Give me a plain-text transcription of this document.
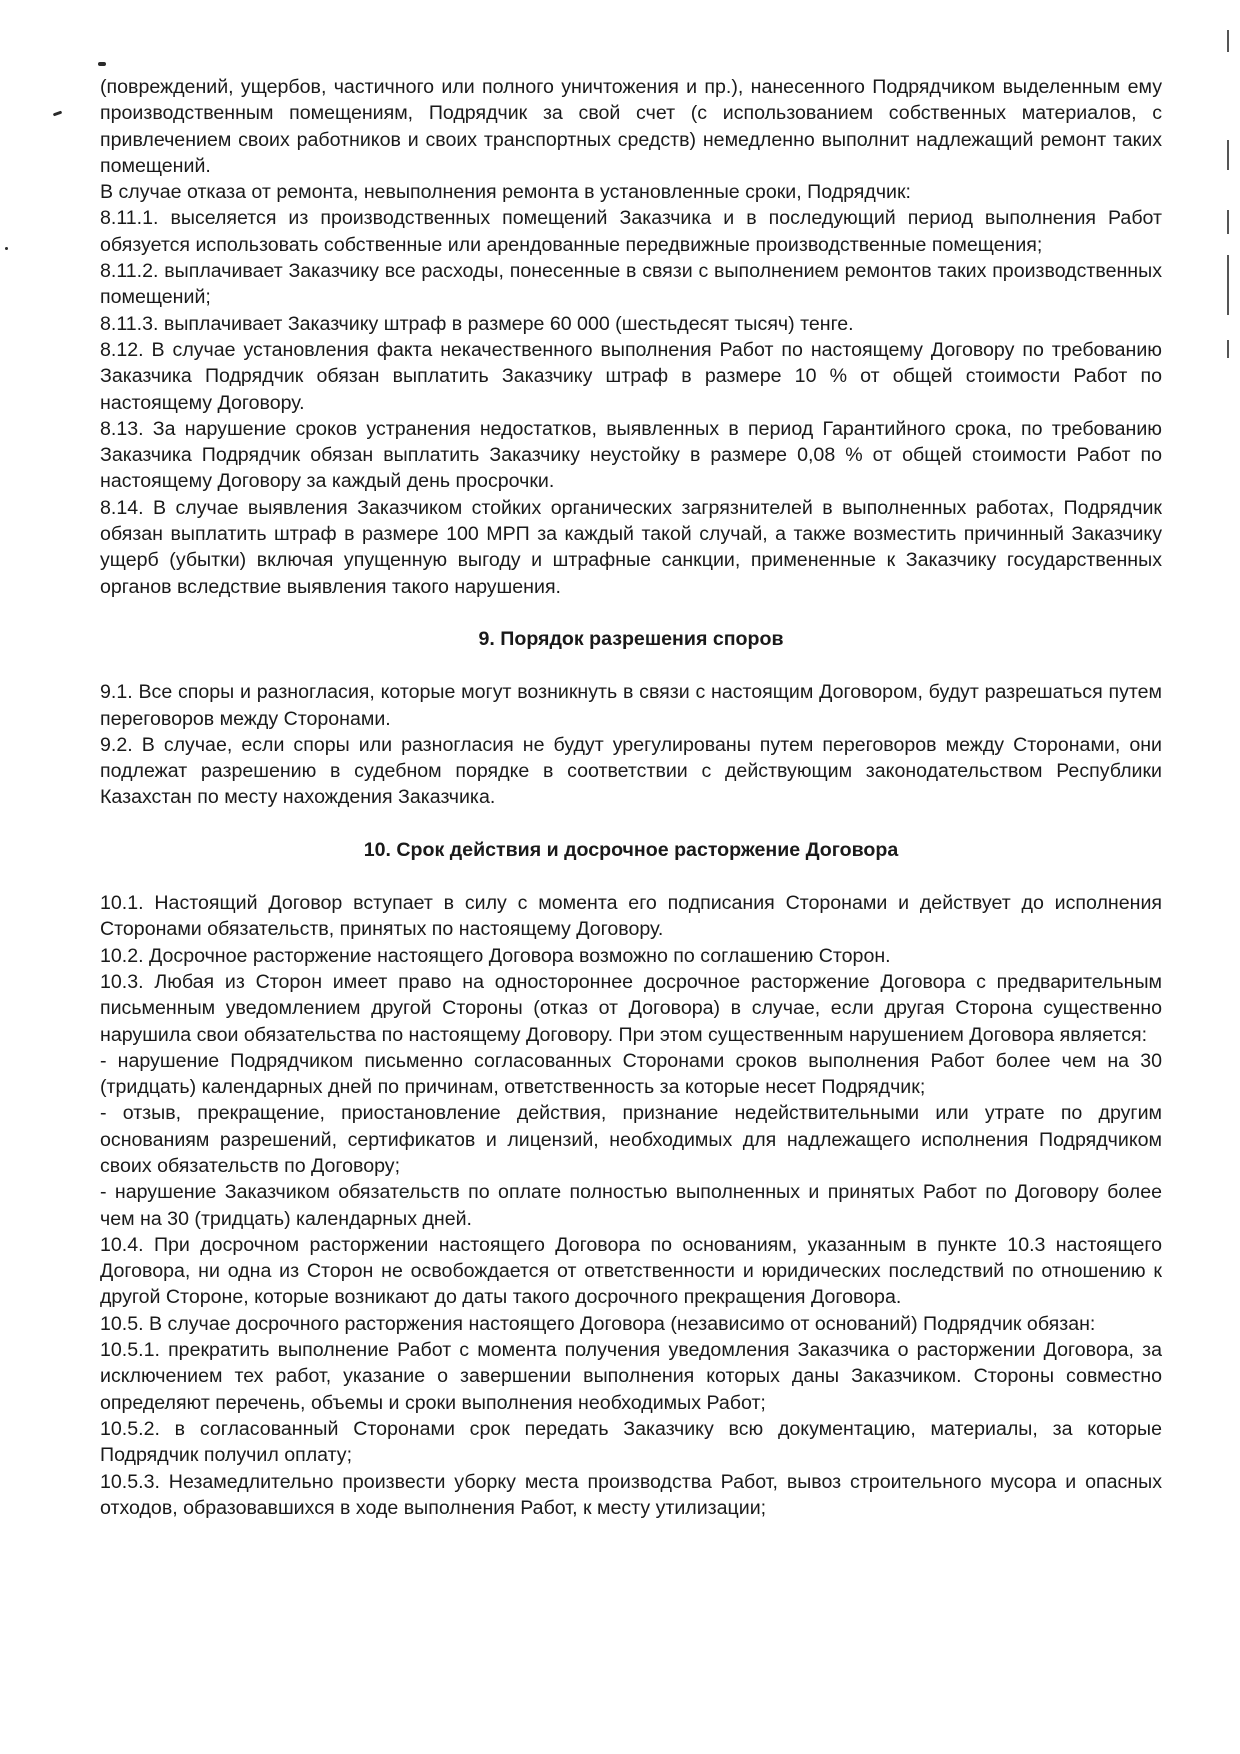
(повреждений, ущербов, частичного или полного уничтожения и пр.), нанесенного Подрядчиком выделенным ему производственным помещениям, Подрядчик за свой счет (с использованием собственных материалов, с привлечением своих работников и своих транспортных средств) немедленно выполнит надлежащий ремонт таких помещений.

В случае отказа от ремонта, невыполнения ремонта в установленные сроки, Подрядчик:

8.11.1. выселяется из производственных помещений Заказчика и в последующий период выполнения Работ обязуется использовать собственные или арендованные передвижные производственные помещения;

8.11.2. выплачивает Заказчику все расходы, понесенные в связи с выполнением ремонтов таких производственных помещений;

8.11.3. выплачивает Заказчику штраф в размере 60 000 (шестьдесят тысяч) тенге.

8.12. В случае установления факта некачественного выполнения Работ по настоящему Договору по требованию Заказчика Подрядчик обязан выплатить Заказчику штраф в размере 10 % от общей стоимости Работ по настоящему Договору.

8.13. За нарушение сроков устранения недостатков, выявленных в период Гарантийного срока, по требованию Заказчика Подрядчик обязан выплатить Заказчику неустойку в размере 0,08 % от общей стоимости Работ по настоящему Договору за каждый день просрочки.

8.14. В случае выявления Заказчиком стойких органических загрязнителей в выполненных работах, Подрядчик обязан выплатить штраф в размере 100 МРП за каждый такой случай, а также возместить причинный Заказчику ущерб (убытки) включая упущенную выгоду и штрафные санкции, примененные к Заказчику государственных органов вследствие выявления такого нарушения.

9. Порядок разрешения споров

9.1. Все споры и разногласия, которые могут возникнуть в связи с настоящим Договором, будут разрешаться путем переговоров между Сторонами.

9.2. В случае, если споры или разногласия не будут урегулированы путем переговоров между Сторонами, они подлежат разрешению в судебном порядке в соответствии с действующим законодательством Республики Казахстан по месту нахождения Заказчика.

10. Срок действия и досрочное расторжение Договора

10.1. Настоящий Договор вступает в силу с момента его подписания Сторонами и действует до исполнения Сторонами обязательств, принятых по настоящему Договору.

10.2. Досрочное расторжение настоящего Договора возможно по соглашению Сторон.

10.3. Любая из Сторон имеет право на одностороннее досрочное расторжение Договора с предварительным письменным уведомлением другой Стороны (отказ от Договора) в случае, если другая Сторона существенно нарушила свои обязательства по настоящему Договору. При этом существенным нарушением Договора является:

- нарушение Подрядчиком письменно согласованных Сторонами сроков выполнения Работ более чем на 30 (тридцать) календарных дней по причинам, ответственность за которые несет Подрядчик;

- отзыв, прекращение, приостановление действия, признание недействительными или утрате по другим основаниям разрешений, сертификатов и лицензий, необходимых для надлежащего исполнения Подрядчиком своих обязательств по Договору;

- нарушение Заказчиком обязательств по оплате полностью выполненных и принятых Работ по Договору более чем на 30 (тридцать) календарных дней.

10.4. При досрочном расторжении настоящего Договора по основаниям, указанным в пункте 10.3 настоящего Договора, ни одна из Сторон не освобождается от ответственности и юридических последствий по отношению к другой Стороне, которые возникают до даты такого досрочного прекращения Договора.

10.5. В случае досрочного расторжения настоящего Договора (независимо от оснований) Подрядчик обязан:

10.5.1. прекратить выполнение Работ с момента получения уведомления Заказчика о расторжении Договора, за исключением тех работ, указание о завершении выполнения которых даны Заказчиком. Стороны совместно определяют перечень, объемы и сроки выполнения необходимых Работ;

10.5.2. в согласованный Сторонами срок передать Заказчику всю документацию, материалы, за которые Подрядчик получил оплату;

10.5.3. Незамедлительно произвести уборку места производства Работ, вывоз строительного мусора и опасных отходов, образовавшихся в ходе выполнения Работ, к месту утилизации;
